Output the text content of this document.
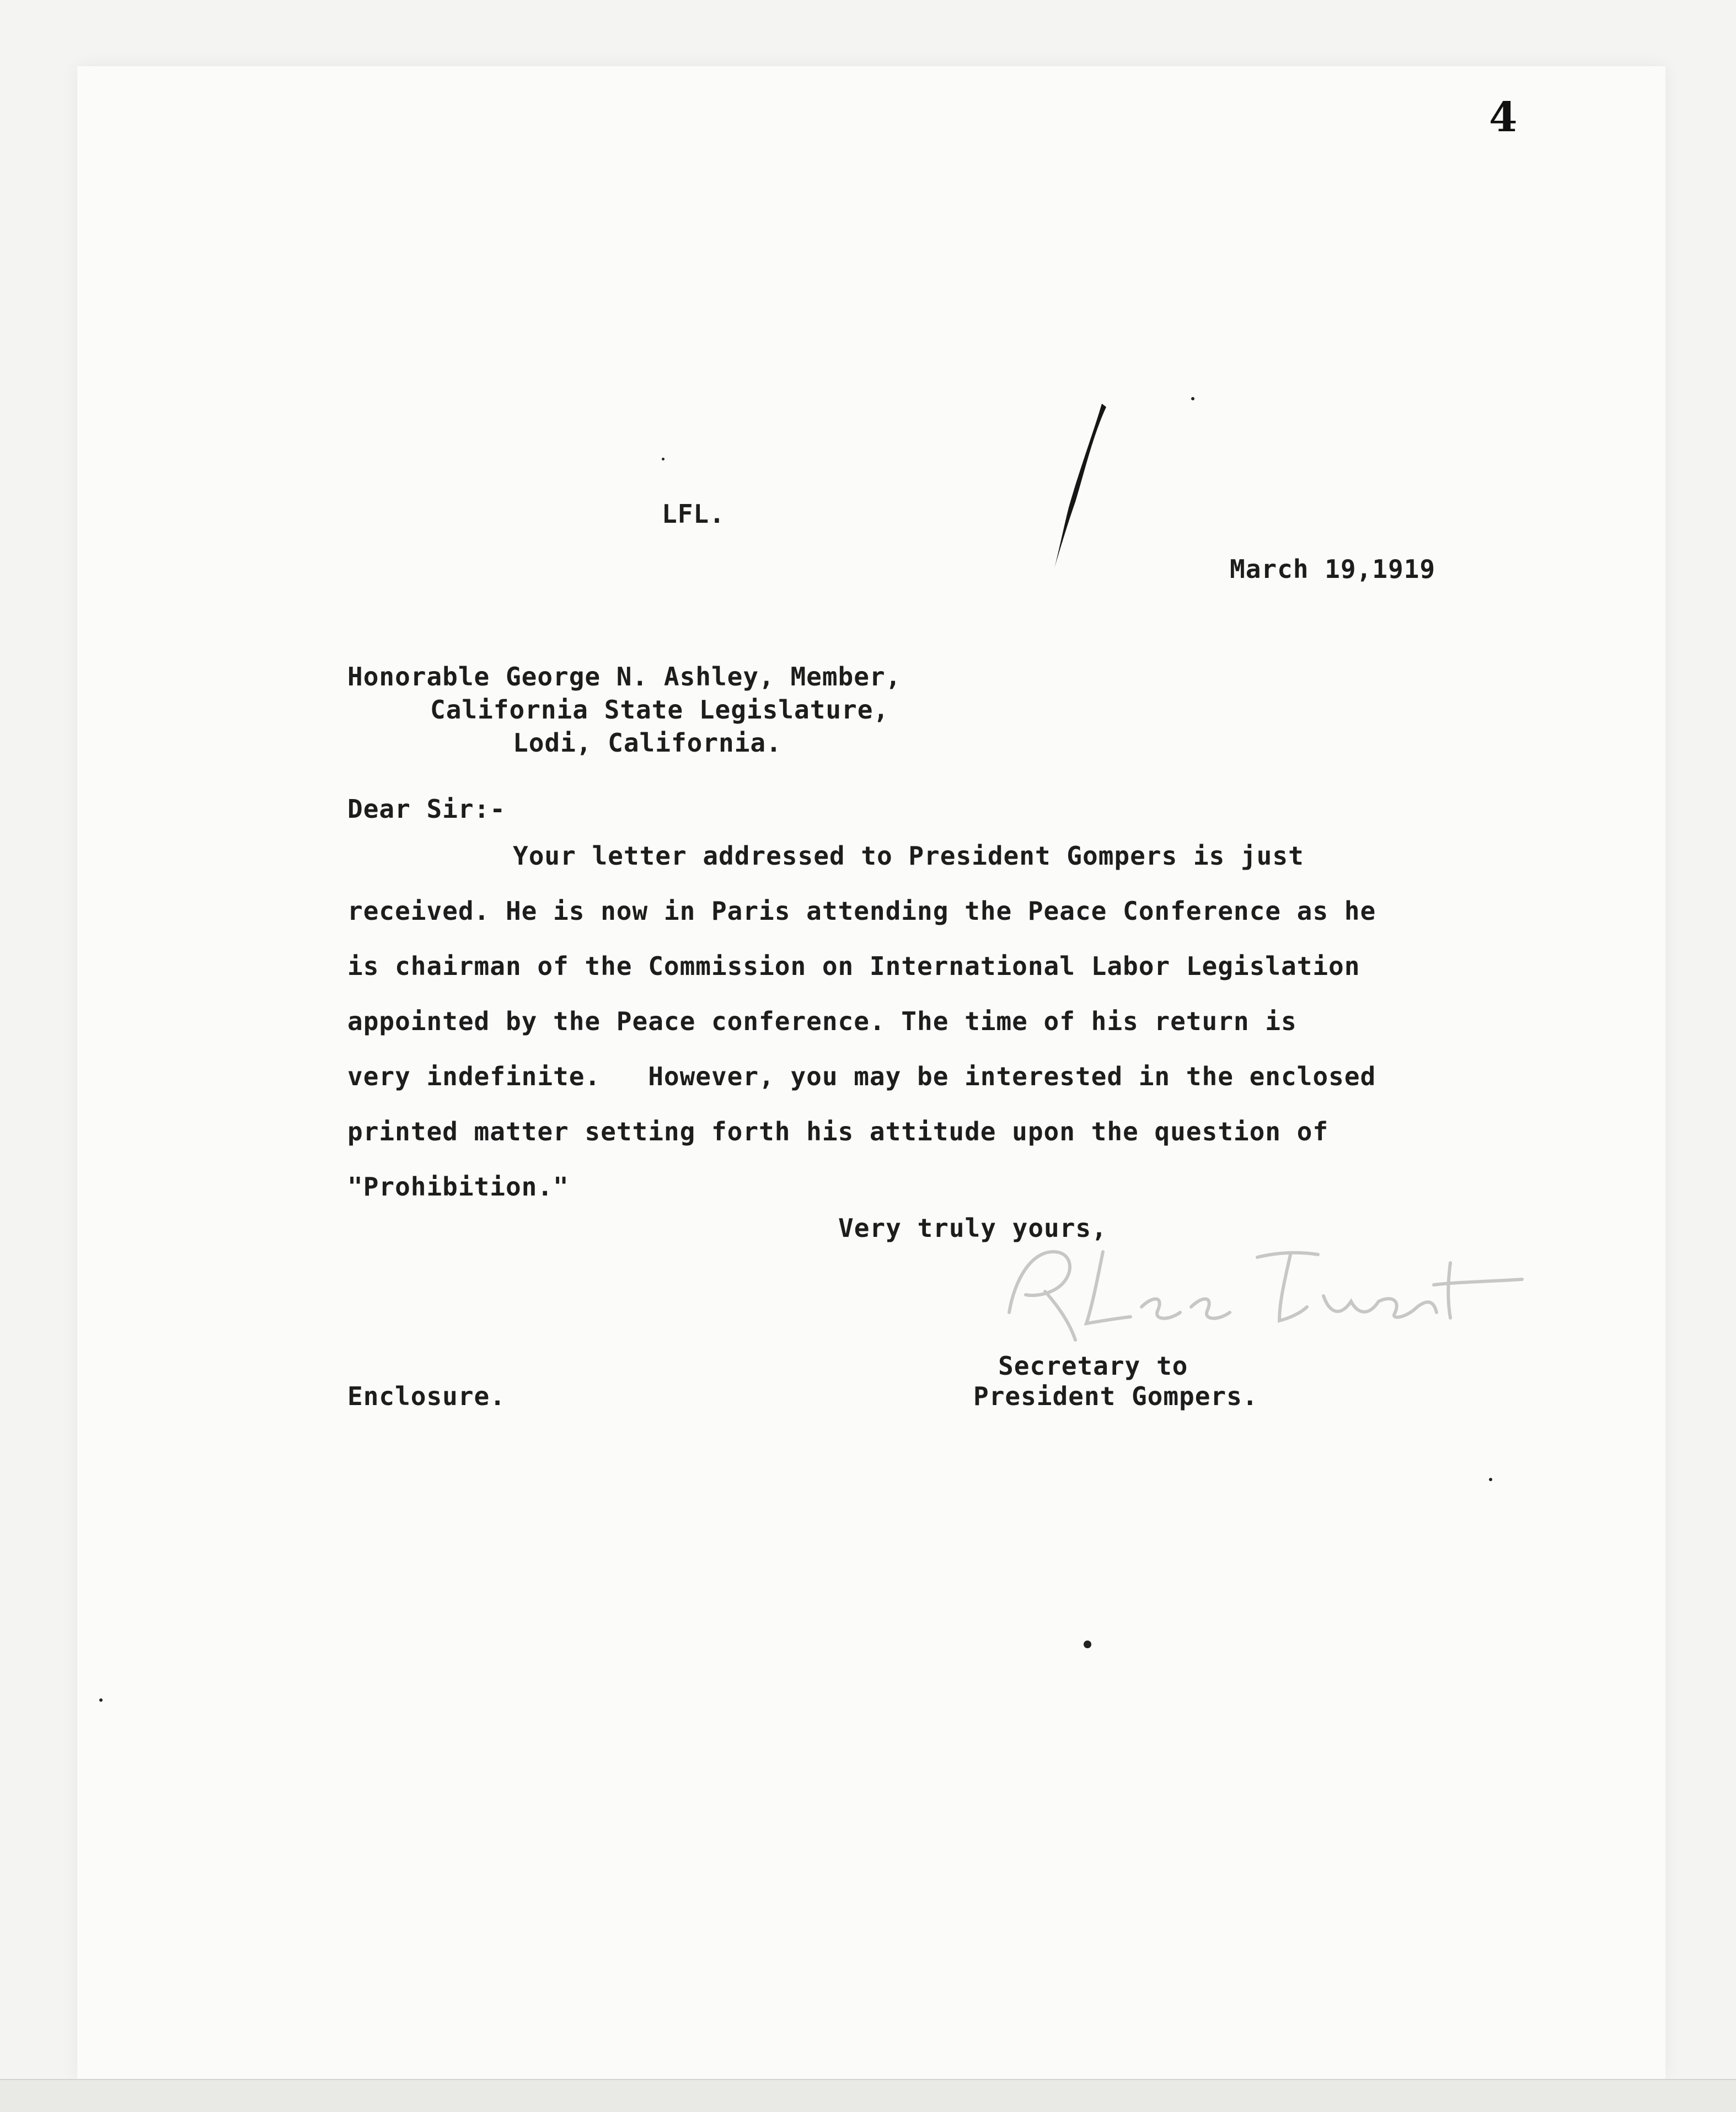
4
LFL.
March 19,1919
Honorable George N. Ashley, Member,
California State Legislature,
Lodi, California.
Dear Sir:-
Your letter addressed to President Gompers is just
received. He is now in Paris attending the Peace Conference as he
is chairman of the Commission on International Labor Legislation
appointed by the Peace conference. The time of his return is
very indefinite.   However, you may be interested in the enclosed
printed matter setting forth his attitude upon the question of
"Prohibition."
Very truly yours,
Secretary to
President Gompers.
Enclosure.
